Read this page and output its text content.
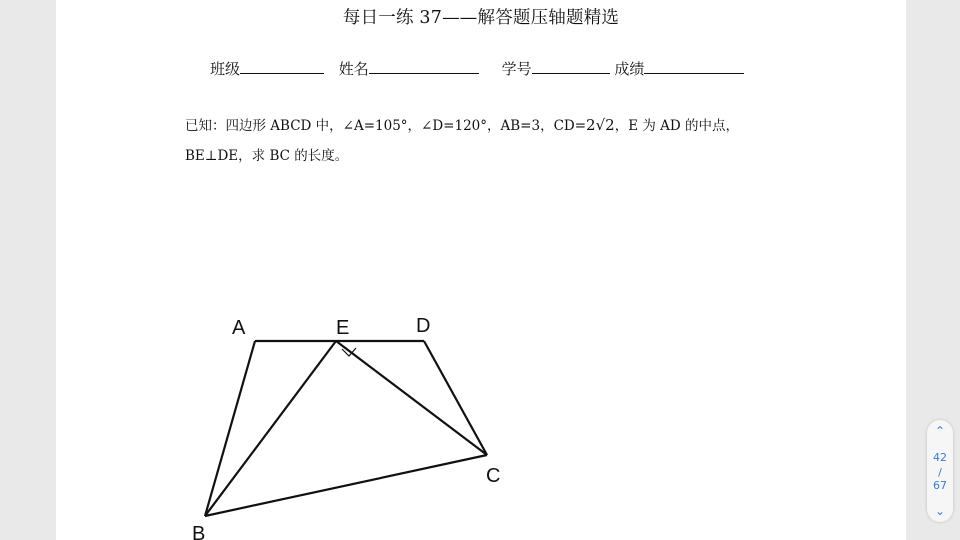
每日一练 37——解答题压轴题精选
班级	姓名	学号	成绩
已知：四边形 ABCD 中，∠A=105°，∠D=120°，AB=3，CD=2√2，E 为 AD 的中点，
BE⊥DE，求 BC 的长度。
A	E	D
C
B
⌃
42
/
67
⌄
